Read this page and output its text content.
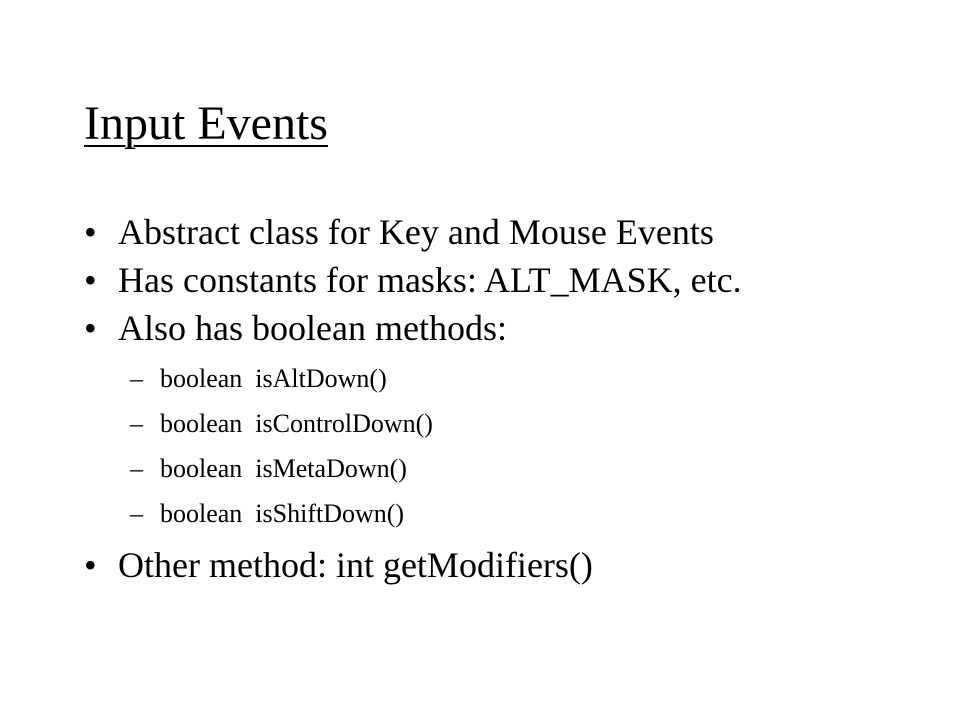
Input Events
• Abstract class for Key and Mouse Events
• Has constants for masks: ALT_MASK, etc.
• Also has boolean methods:
– boolean  isAltDown()
– boolean  isControlDown()
– boolean  isMetaDown()
– boolean  isShiftDown()
• Other method: int getModifiers()
